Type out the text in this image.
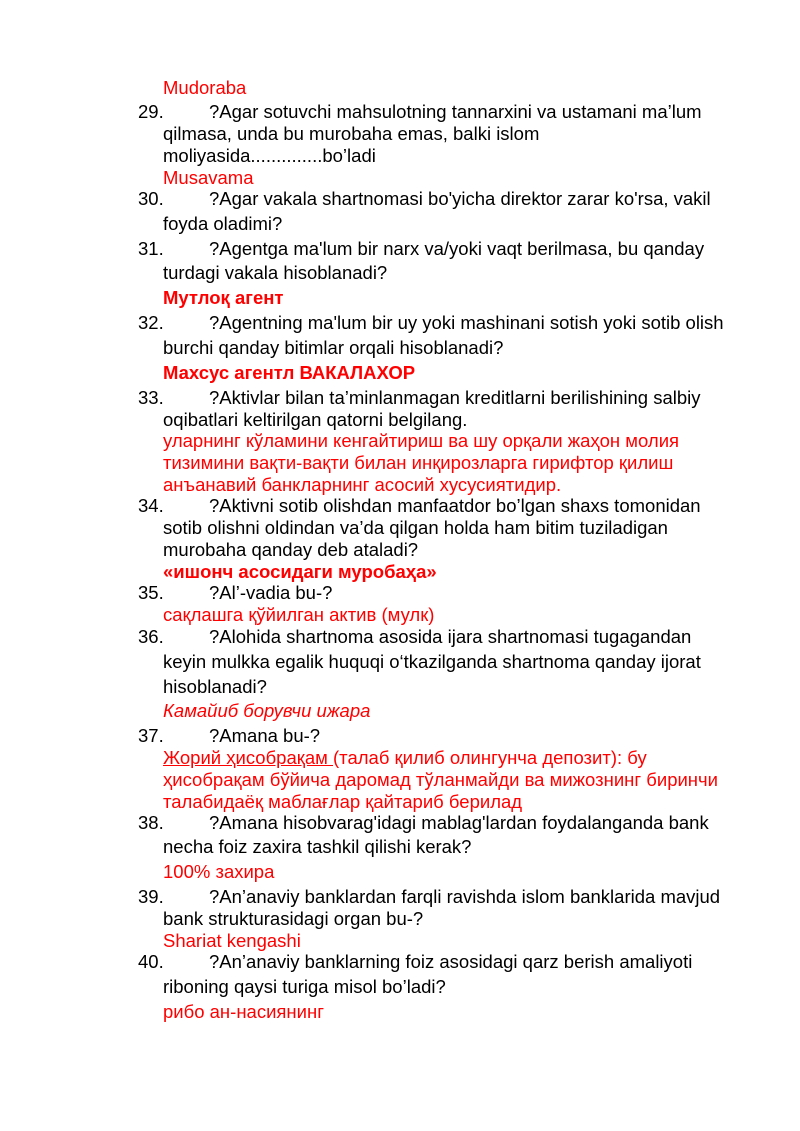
Mudoraba

29. ?Agar sotuvchi mahsulotning tannarxini va ustamani ma’lum

qilmasa, unda bu murobaha emas, balki islom

moliyasida..............bo’ladi

Musavama

30. ?Agar vakala shartnomasi bo'yicha direktor zarar ko'rsa, vakil

foyda oladimi?

31. ?Agentga ma'lum bir narx va/yoki vaqt berilmasa, bu qanday

turdagi vakala hisoblanadi?

Мутлоқ агент

32. ?Agentning ma'lum bir uy yoki mashinani sotish yoki sotib olish

burchi qanday bitimlar orqali hisoblanadi?

Махсус агентл ВАКАЛАХОР

33. ?Aktivlar bilan ta’minlanmagan kreditlarni berilishining salbiy

oqibatlari keltirilgan qatorni belgilang.

уларнинг кўламини кенгайтириш ва шу орқали жаҳон молия

тизимини вақти-вақти билан инқирозларга гирифтор қилиш

анъанавий банкларнинг асосий хусусиятидир.

34. ?Aktivni sotib olishdan manfaatdor bo’lgan shaxs tomonidan

sotib olishni oldindan va’da qilgan holda ham bitim tuziladigan

murobaha qanday deb ataladi?

«ишонч асосидаги муробаҳа»

35. ?Al’-vadia bu-?

сақлашга қўйилган актив (мулк)

36. ?Alohida shartnoma asosida ijara shartnomasi tugagandan

keyin mulkka egalik huquqi o‘tkazilganda shartnoma qanday ijorat

hisoblanadi?

Камайиб борувчи ижара

37. ?Amana bu-?

Жорий ҳисобрақам (талаб қилиб олингунча депозит): бу

ҳисобрақам бўйича даромад тўланмайди ва мижознинг биринчи

талабидаёқ маблағлар қайтариб берилад

38. ?Amana hisobvarag'idagi mablag'lardan foydalanganda bank

necha foiz zaxira tashkil qilishi kerak?

100% захира

39. ?An’anaviy banklardan farqli ravishda islom banklarida mavjud

bank strukturasidagi organ bu-?

Shariat kengashi

40. ?An’anaviy banklarning foiz asosidagi qarz berish amaliyoti

riboning qaysi turiga misol bo’ladi?

рибо ан-насиянинг
